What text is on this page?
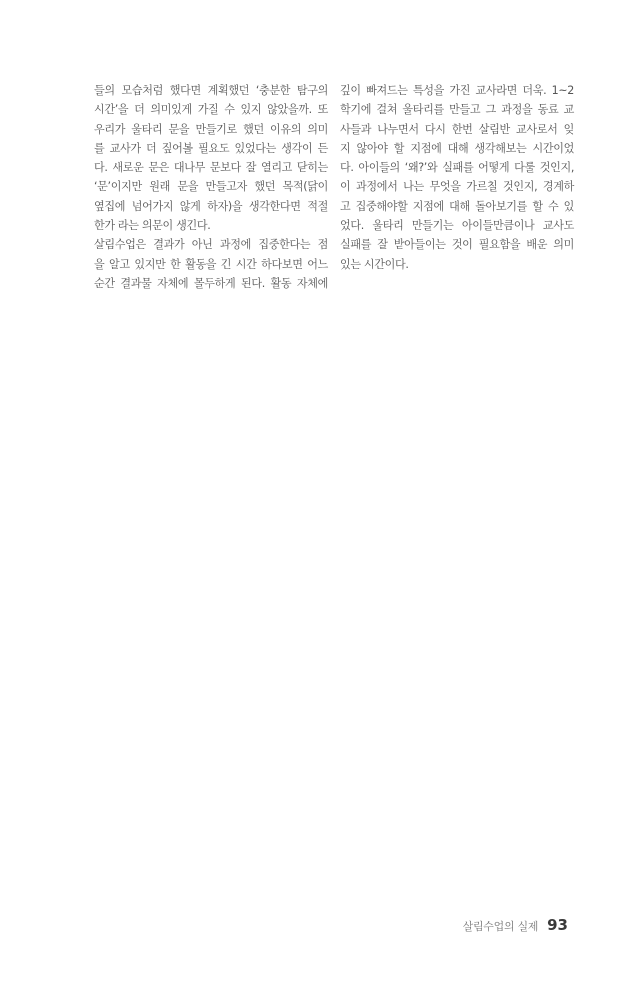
들의 모습처럼 했다면 계획했던 ‘충분한 탐구의
시간’을 더 의미있게 가질 수 있지 않았을까. 또
우리가 울타리 문을 만들기로 했던 이유의 의미
를 교사가 더 짚어볼 필요도 있었다는 생각이 든
다. 새로운 문은 대나무 문보다 잘 열리고 닫히는
‘문’이지만 원래 문을 만들고자 했던 목적(닭이
옆집에 넘어가지 않게 하자)을 생각한다면 적절
한가 라는 의문이 생긴다.
살림수업은 결과가 아닌 과정에 집중한다는 점
을 알고 있지만 한 활동을 긴 시간 하다보면 어느
순간 결과물 자체에 몰두하게 된다. 활동 자체에
깊이 빠져드는 특성을 가진 교사라면 더욱. 1~2
학기에 걸쳐 울타리를 만들고 그 과정을 동료 교
사들과 나누면서 다시 한번 살림반 교사로서 잊
지 않아야 할 지점에 대해 생각해보는 시간이었
다. 아이들의 ‘왜?’와 실패를 어떻게 다룰 것인지,
이 과정에서 나는 무엇을 가르칠 것인지, 경계하
고 집중해야할 지점에 대해 돌아보기를 할 수 있
었다. 울타리 만들기는 아이들만큼이나 교사도
실패를 잘 받아들이는 것이 필요함을 배운 의미
있는 시간이다.
살림수업의 실제 93
